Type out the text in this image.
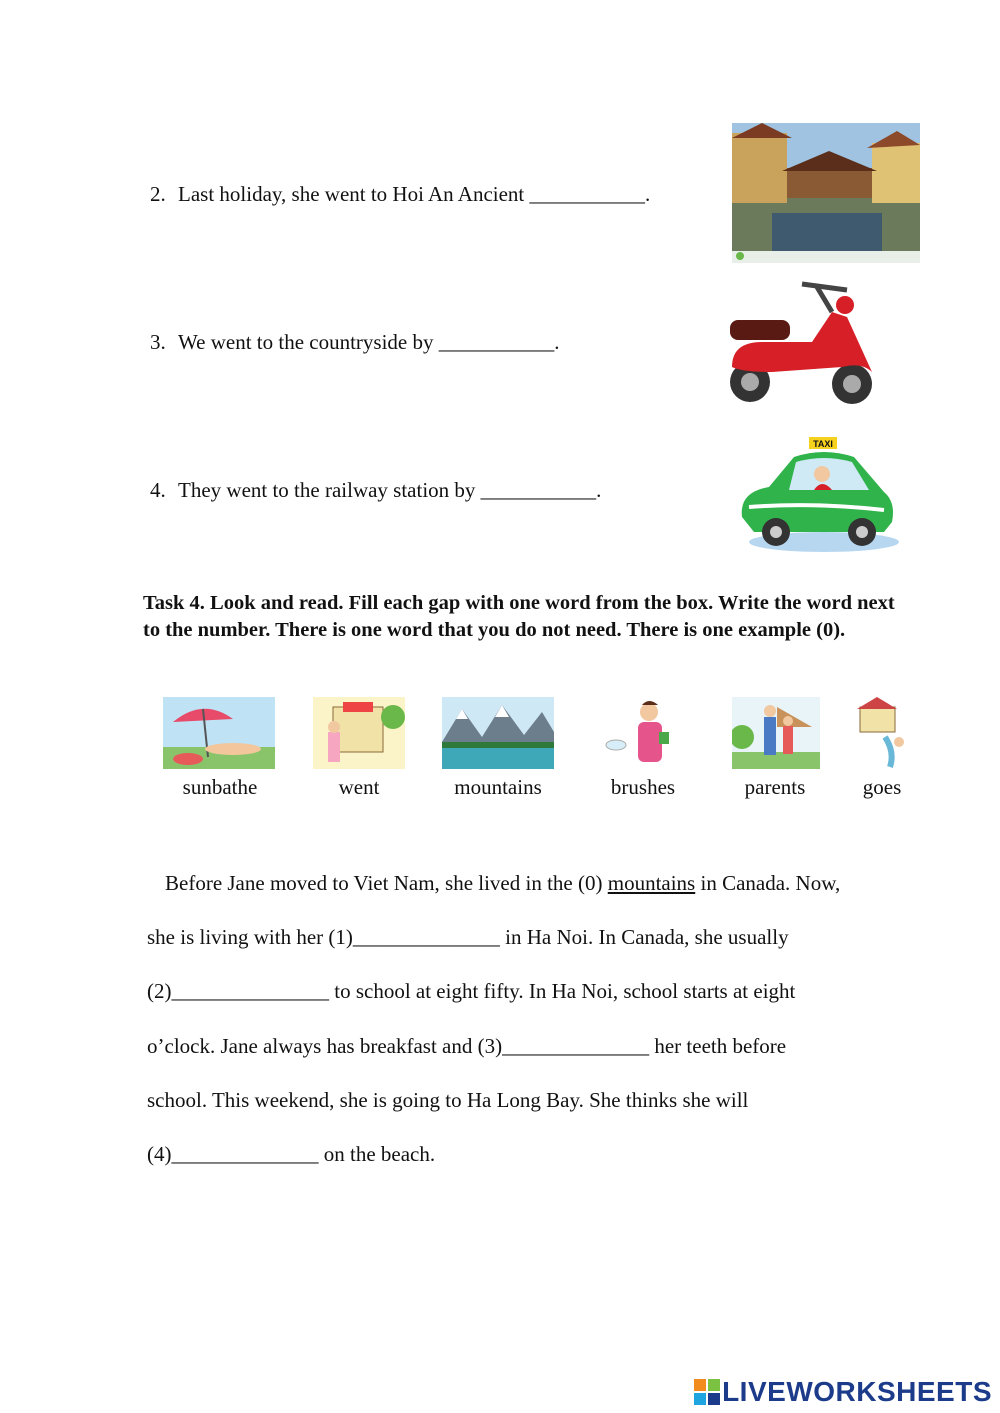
2. Last holiday, she went to Hoi An Ancient ___________.
3. We went to the countryside by ___________.
4. They went to the railway station by ___________.
TAXI
Task 4. Look and read. Fill each gap with one word from the box. Write the word next to the number. There is one word that you do not need. There is one example (0).
sunbathe	went	mountains	brushes	parents	goes
Before Jane moved to Viet Nam, she lived in the (0) mountains in Canada. Now,
she is living with her (1)______________ in Ha Noi. In Canada, she usually
(2)_______________ to school at eight fifty. In Ha Noi, school starts at eight
o’clock. Jane always has breakfast and (3)______________ her teeth before
school. This weekend, she is going to Ha Long Bay. She thinks she will
(4)______________ on the beach.
LIVEWORKSHEETS
